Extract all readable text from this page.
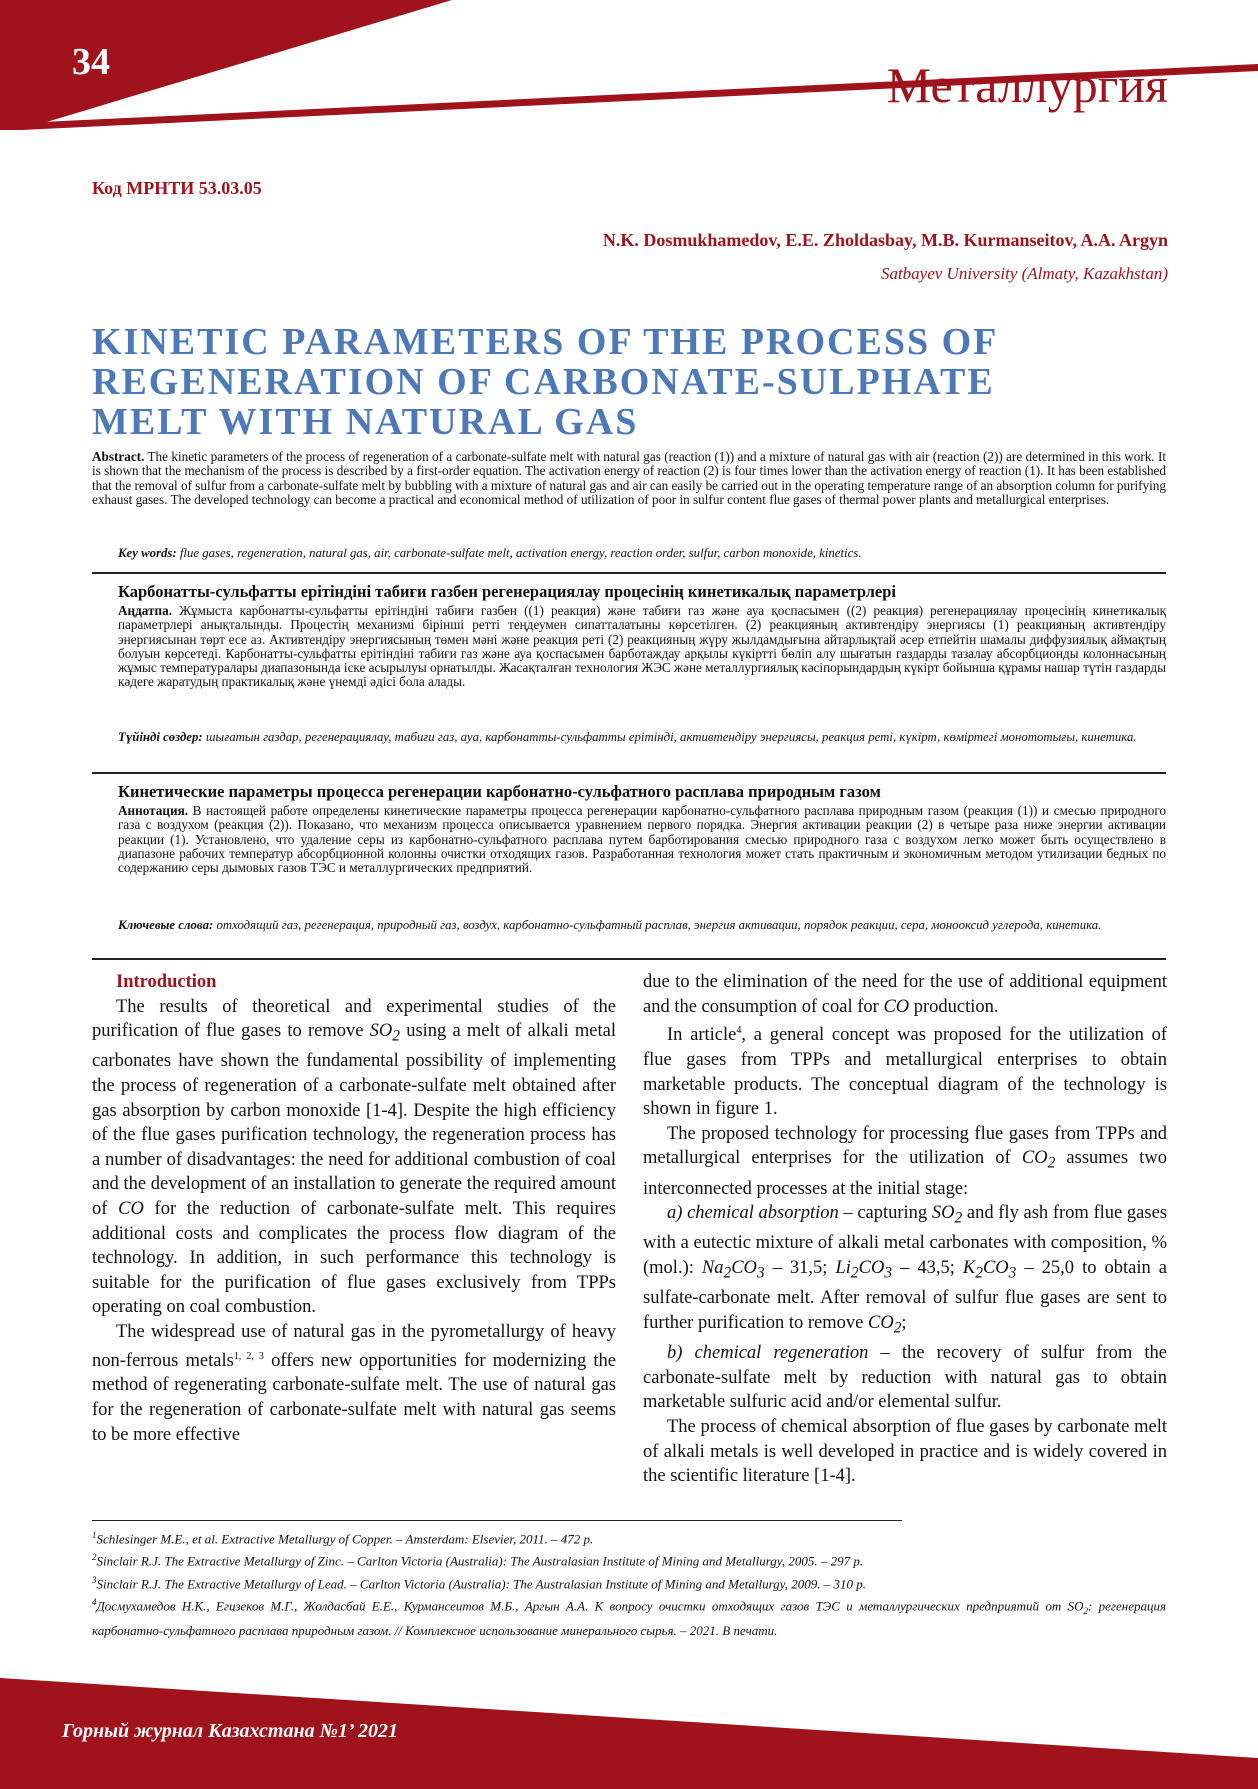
34	Металлургия
Код МРНТИ 53.03.05
N.K. Dosmukhamedov, E.E. Zholdasbay, M.B. Kurmanseitov, A.A. Argyn
Satbayev University (Almaty, Kazakhstan)
KINETIC PARAMETERS OF THE PROCESS OF
REGENERATION OF CARBONATE-SULPHATE
MELT WITH NATURAL GAS
Abstract. The kinetic parameters of the process of regeneration of a carbonate-sulfate melt with natural gas (reaction (1)) and a mixture of natural gas with air (reaction (2)) are determined in this work. It is shown that the mechanism of the process is described by a first-order equation. The activation energy of reaction (2) is four times lower than the activation energy of reaction (1). It has been established that the removal of sulfur from a carbonate-sulfate melt by bubbling with a mixture of natural gas and air can easily be carried out in the operating temperature range of an absorption column for purifying exhaust gases. The developed technology can become a practical and economical method of utilization of poor in sulfur content flue gases of thermal power plants and metallurgical enterprises.
Key words: flue gases, regeneration, natural gas, air, carbonate-sulfate melt, activation energy, reaction order, sulfur, carbon monoxide, kinetics.
Карбонатты-сульфатты ерітіндіні табиғи газбен регенерациялау процесінің кинетикалық параметрлері
Аңдатпа. Жұмыста карбонатты-сульфатты ерітіндіні табиғи газбен ((1) реакция) және табиғи газ және ауа қоспасымен ((2) реакция) регенерациялау процесінің кинетикалық параметрлері анықталынды. Процестің механизмі бірінші ретті теңдеумен сипатталатыны көрсетілген. (2) реакцияның активтендіру энергиясы (1) реакцияның активтендіру энергиясынан төрт есе аз. Активтендіру энергиясының төмен мәні және реакция реті (2) реакцияның жүру жылдамдығына айтарлықтай әсер етпейтін шамалы диффузиялық аймақтың болуын көрсетеді. Карбонатты-сульфатты ерітіндіні табиғи газ және ауа қоспасымен барботаждау арқылы күкіртті бөліп алу шығатын газдарды тазалау абсорбционды колоннасының жұмыс температуралары диапазонында іске асырылуы орнатылды. Жасақталған технология ЖЭС және металлургиялық кәсіпорындардың күкірт бойынша құрамы нашар түтін газдарды кәдеге жаратудың практикалық және үнемді әдісі бола алады.
Түйінді сөздер: шығатын газдар, регенерациялау, табиғи газ, ауа, карбонатты-сульфатты ерітінді, активтендіру энергиясы, реакция реті, күкірт, көміртегі монототығы, кинетика.
Кинетические параметры процесса регенерации карбонатно-сульфатного расплава природным газом
Аннотация. В настоящей работе определены кинетические параметры процесса регенерации карбонатно-сульфатного расплава природным газом (реакция (1)) и смесью природного газа с воздухом (реакция (2)). Показано, что механизм процесса описывается уравнением первого порядка. Энергия активации реакции (2) в четыре раза ниже энергии активации реакции (1). Установлено, что удаление серы из карбонатно-сульфатного расплава путем барботирования смесью природного газа с воздухом легко может быть осуществлено в диапазоне рабочих температур абсорбционной колонны очистки отходящих газов. Разработанная технология может стать практичным и экономичным методом утилизации бедных по содержанию серы дымовых газов ТЭС и металлургических предприятий.
Ключевые слова: отходящий газ, регенерация, природный газ, воздух, карбонатно-сульфатный расплав, энергия активации, порядок реакции, сера, монооксид углерода, кинетика.

Introduction

The results of theoretical and experimental studies of the purification of flue gases to remove $SO_2$ using a melt of alkali metal carbonates have shown the fundamental possibility of implementing the process of regeneration of a carbonate-sulfate melt obtained after gas absorption by carbon monoxide [1-4]. Despite the high efficiency of the flue gases purification technology, the regeneration process has a number of disadvantages: the need for additional combustion of coal and the development of an installation to generate the required amount of CO for the reduction of carbonate-sulfate melt. This requires additional costs and complicates the process flow diagram of the technology. In addition, in such performance this technology is suitable for the purification of flue gases exclusively from TPPs operating on coal combustion.

The widespread use of natural gas in the pyrometallurgy of heavy non-ferrous metals$^{1, 2, 3}$ offers new opportunities for modernizing the method of regenerating carbonate-sulfate melt. The use of natural gas for the regeneration of carbonate-sulfate melt with natural gas seems to be more effective

due to the elimination of the need for the use of additional equipment and the consumption of coal for CO production.

In article$^4$, a general concept was proposed for the utilization of flue gases from TPPs and metallurgical enterprises to obtain marketable products. The conceptual diagram of the technology is shown in figure 1.

The proposed technology for processing flue gases from TPPs and metallurgical enterprises for the utilization of $CO_2$ assumes two interconnected processes at the initial stage:

a) chemical absorption – capturing $SO_2$ and fly ash from flue gases with a eutectic mixture of alkali metal carbonates with composition, % (mol.): $Na_2CO_3 - 31,5$; $Li_2CO_3 - 43,5$; $K_2CO_3 - 25,0$ to obtain a sulfate-carbonate melt. After removal of sulfur flue gases are sent to further purification to remove $CO_2$;

b) chemical regeneration – the recovery of sulfur from the carbonate-sulfate melt by reduction with natural gas to obtain marketable sulfuric acid and/or elemental sulfur.

The process of chemical absorption of flue gases by carbonate melt of alkali metals is well developed in practice and is widely covered in the scientific literature [1-4].

$^1$Schlesinger M.E., et al. Extractive Metallurgy of Copper. – Amsterdam: Elsevier, 2011. – 472 p.
$^2$Sinclair R.J. The Extractive Metallurgy of Zinc. – Carlton Victoria (Australia): The Australasian Institute of Mining and Metallurgy, 2005. – 297 p.
$^3$Sinclair R.J. The Extractive Metallurgy of Lead. – Carlton Victoria (Australia): The Australasian Institute of Mining and Metallurgy, 2009. – 310 p.
$^4$Досмухамедов Н.К., Егизеков М.Г., Жолдасбай Е.Е., Курмансеитов М.Б., Аргын А.А. К вопросу очистки отходящих газов ТЭС и металлургических предприятий от $SO_2$: регенерация карбонатно-сульфатного расплава природным газом. // Комплексное использование минерального сырья. – 2021. В печати.
Горный журнал Казахстана №1’ 2021
